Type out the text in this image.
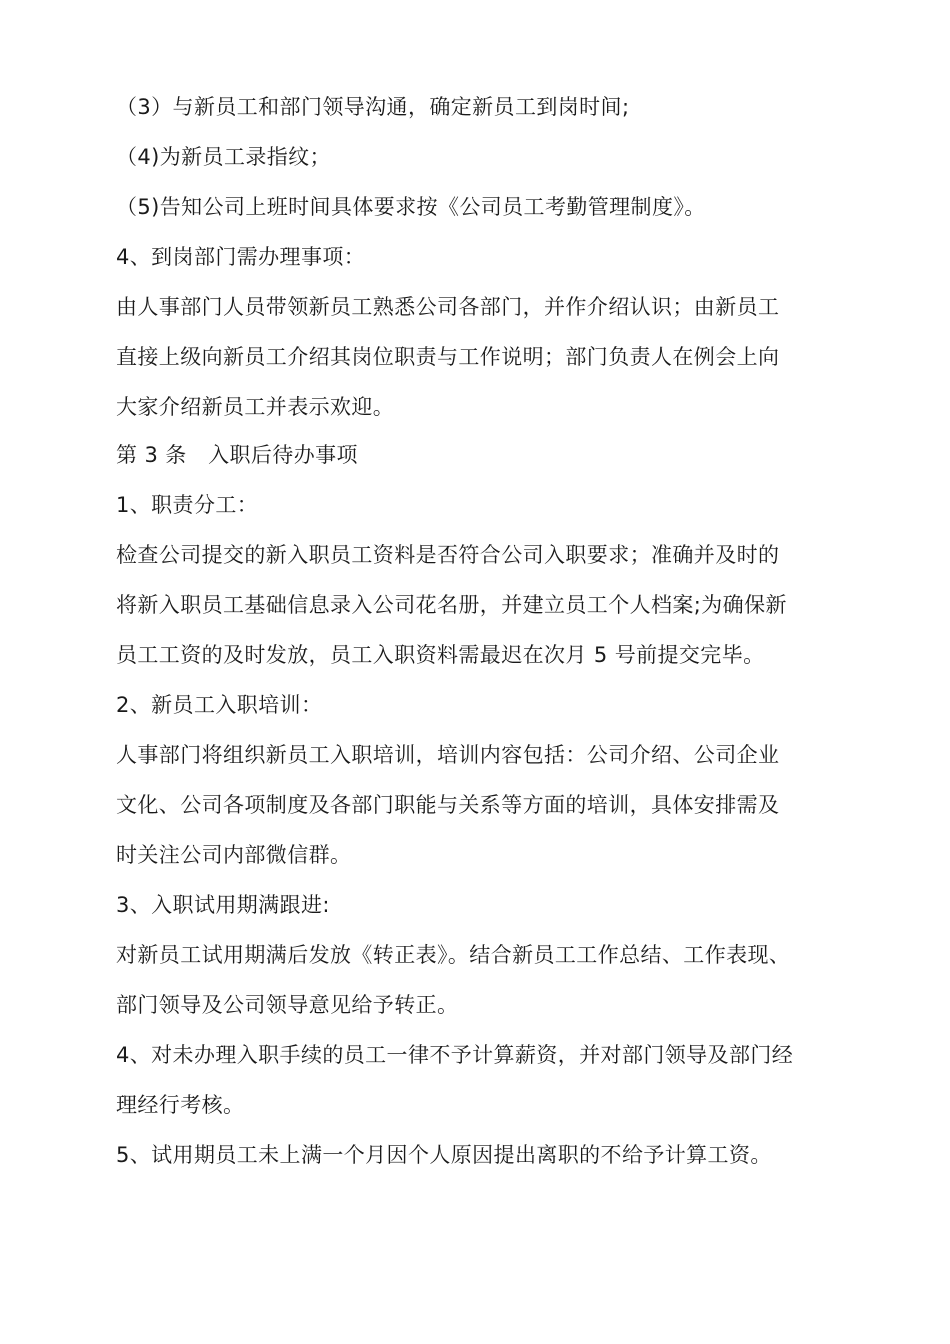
（3）与新员工和部门领导沟通，确定新员工到岗时间;
（4)为新员工录指纹；
（5)告知公司上班时间具体要求按《公司员工考勤管理制度》。
4、到岗部门需办理事项：
由人事部门人员带领新员工熟悉公司各部门，并作介绍认识；由新员工
直接上级向新员工介绍其岗位职责与工作说明；部门负责人在例会上向
大家介绍新员工并表示欢迎。
第 3 条　入职后待办事项
1、职责分工：
检查公司提交的新入职员工资料是否符合公司入职要求；准确并及时的
将新入职员工基础信息录入公司花名册，并建立员工个人档案;为确保新
员工工资的及时发放，员工入职资料需最迟在次月 5 号前提交完毕。
2、新员工入职培训：
人事部门将组织新员工入职培训，培训内容包括：公司介绍、公司企业
文化、公司各项制度及各部门职能与关系等方面的培训，具体安排需及
时关注公司内部微信群。
3、入职试用期满跟进:
对新员工试用期满后发放《转正表》。结合新员工工作总结、工作表现、
部门领导及公司领导意见给予转正。
4、对未办理入职手续的员工一律不予计算薪资，并对部门领导及部门经
理经行考核。
5、试用期员工未上满一个月因个人原因提出离职的不给予计算工资。
